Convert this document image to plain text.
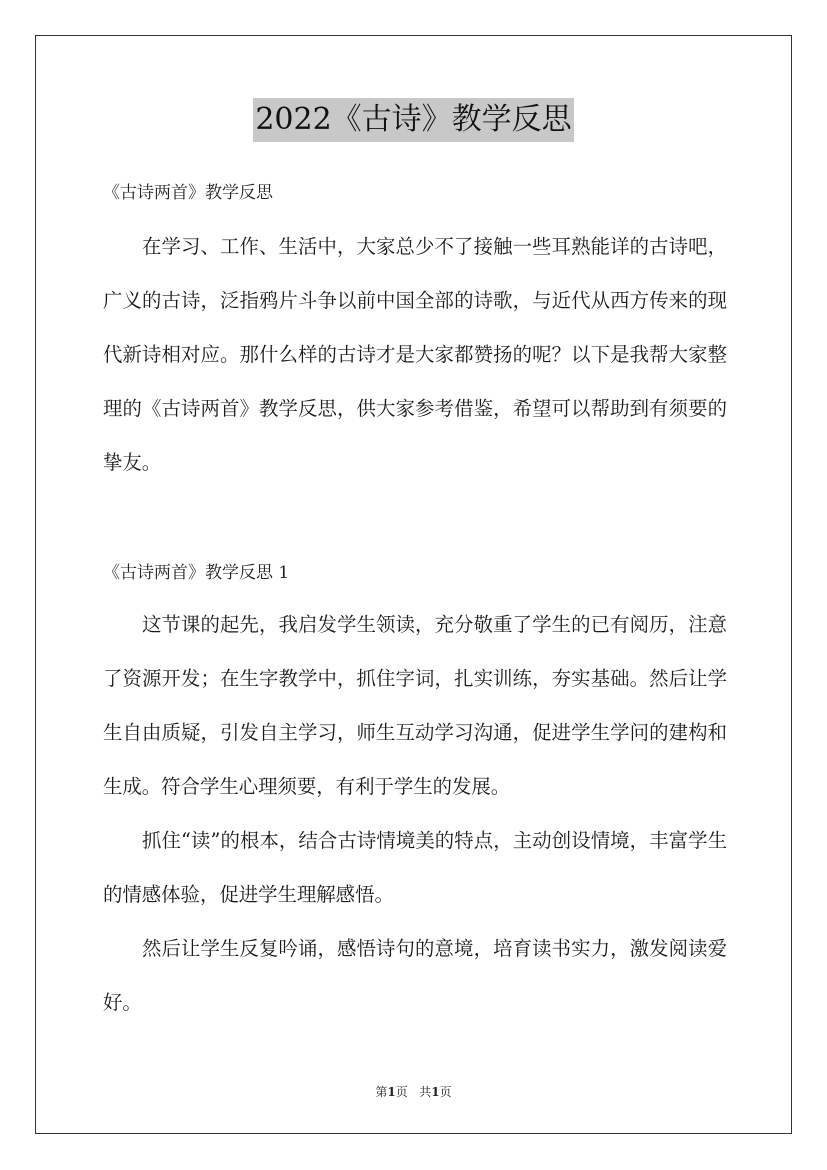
2022《古诗》教学反思
《古诗两首》教学反思

在学习、工作、生活中，大家总少不了接触一些耳熟能详的古诗吧，广义的古诗，泛指鸦片斗争以前中国全部的诗歌，与近代从西方传来的现代新诗相对应。那什么样的古诗才是大家都赞扬的呢？以下是我帮大家整理的《古诗两首》教学反思，供大家参考借鉴，希望可以帮助到有须要的挚友。

《古诗两首》教学反思 1

这节课的起先，我启发学生领读，充分敬重了学生的已有阅历，注意了资源开发；在生字教学中，抓住字词，扎实训练，夯实基础。然后让学生自由质疑，引发自主学习，师生互动学习沟通，促进学生学问的建构和生成。符合学生心理须要，有利于学生的发展。

抓住“读”的根本，结合古诗情境美的特点，主动创设情境，丰富学生的情感体验，促进学生理解感悟。

然后让学生反复吟诵，感悟诗句的意境，培育读书实力，激发阅读爱好。

第1页 共1页
